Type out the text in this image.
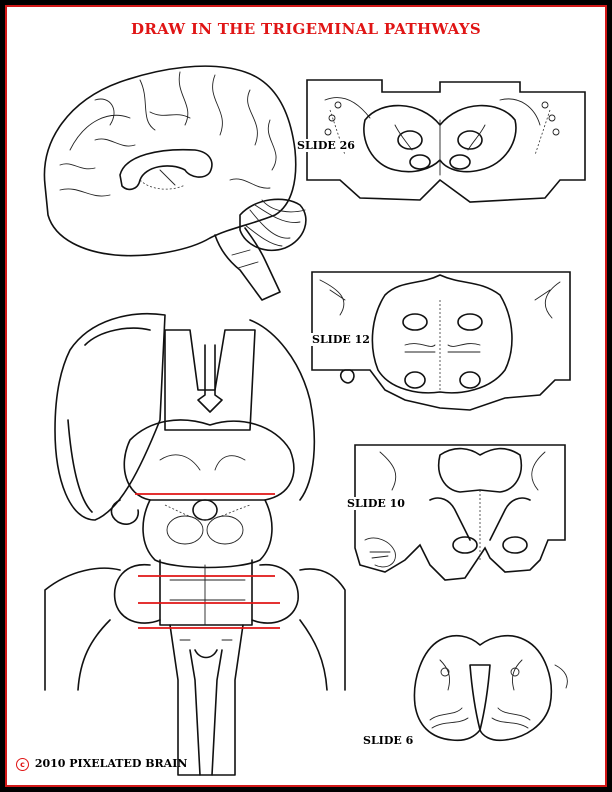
DRAW IN THE TRIGEMINAL PATHWAYS
SLIDE 26
SLIDE 12
SLIDE 10
SLIDE 6
c 2010 PIXELATED BRAIN
